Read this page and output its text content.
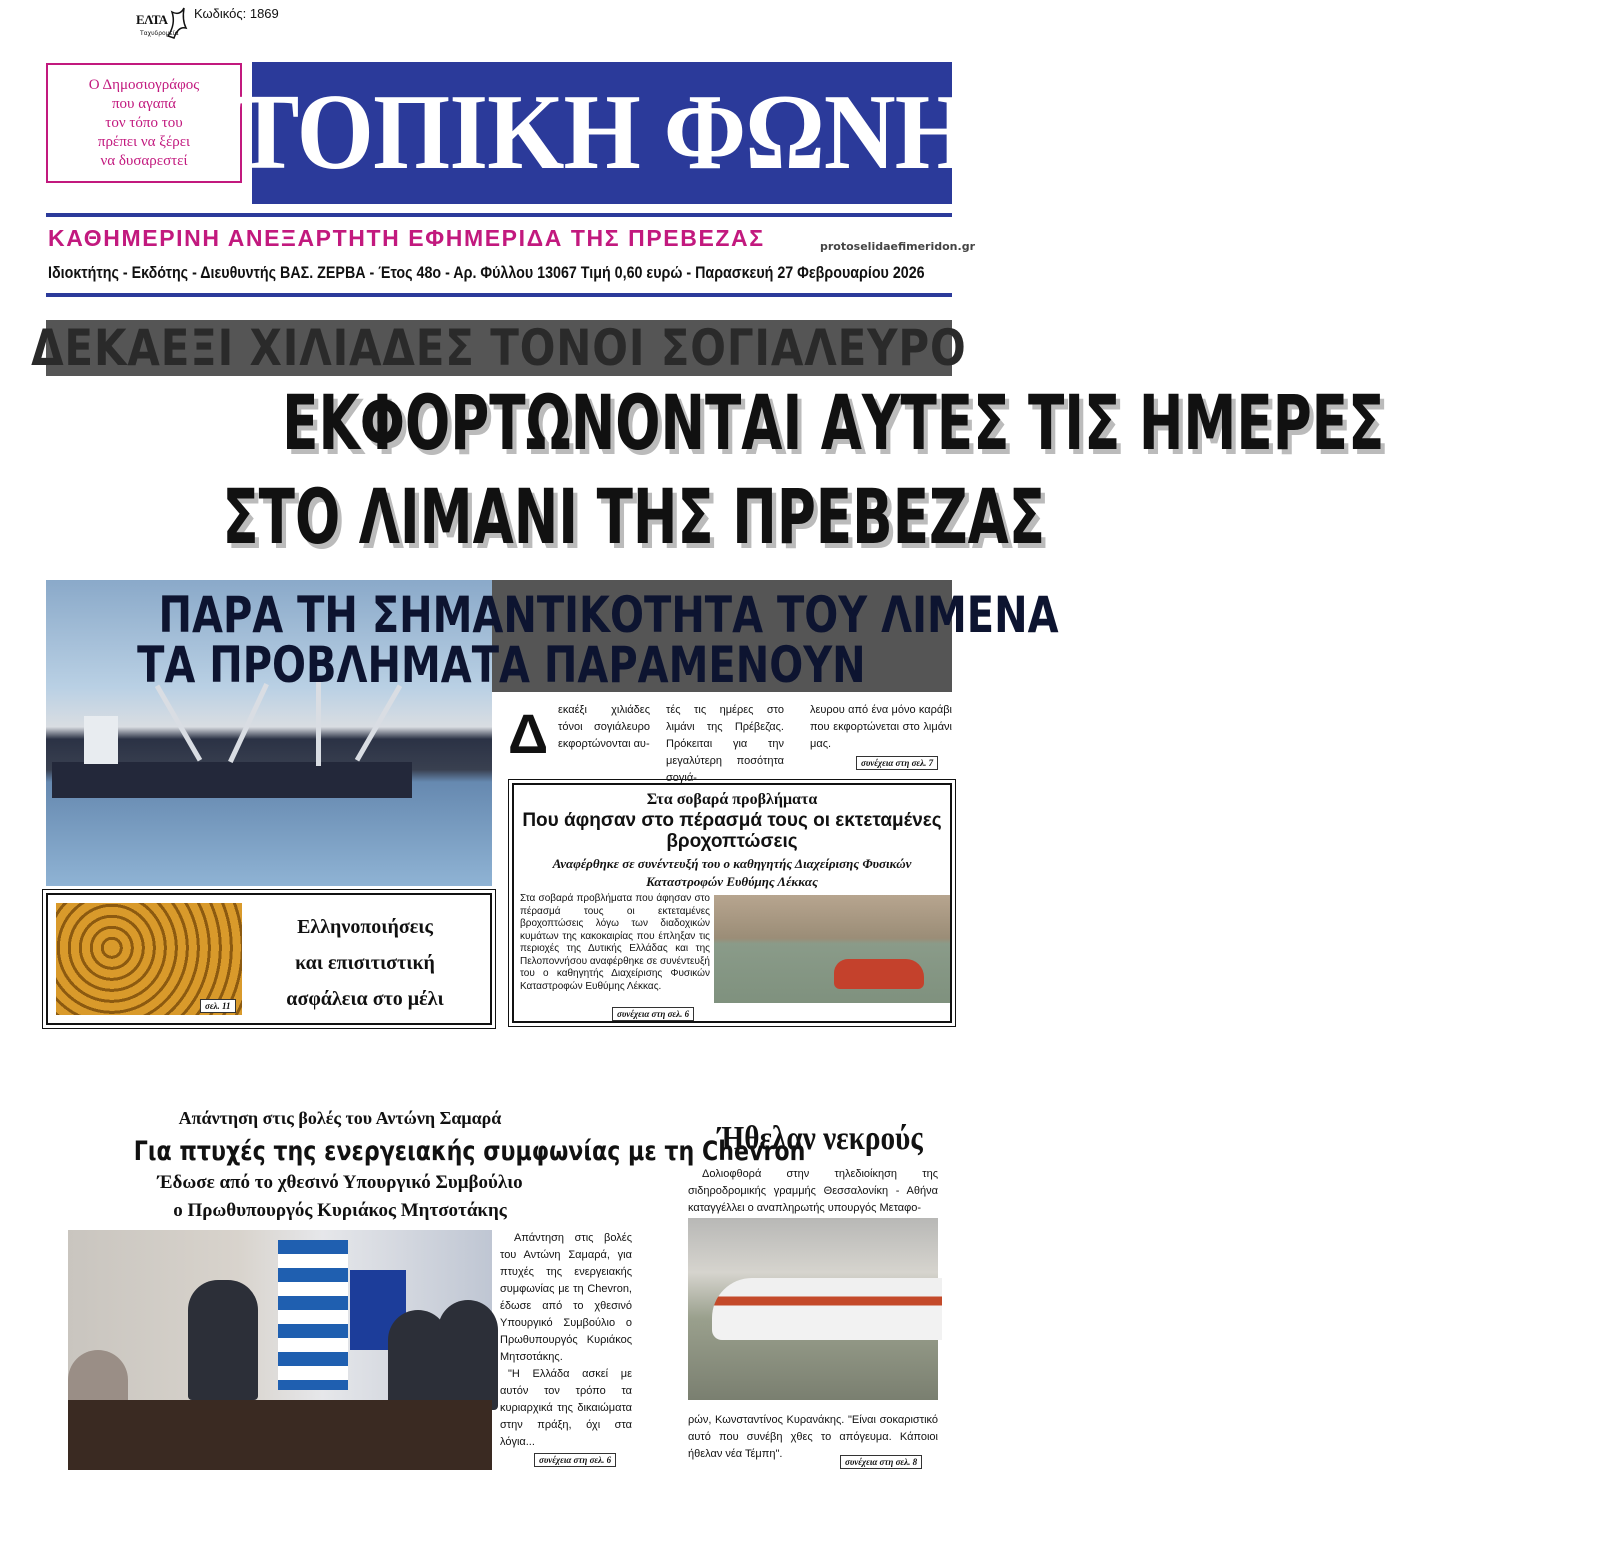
ΕΛΤΑ
Ταχυδρομεία
Κωδικός: 1869
Ο Δημοσιογράφος
που αγαπά
τον τόπο του
πρέπει να ξέρει
να δυσαρεστεί ΤΟΠΙΚΗ ΦΩΝΗ
ΚΑΘΗΜΕΡΙΝΗ ΑΝΕΞΑΡΤΗΤΗ ΕΦΗΜΕΡΙΔΑ ΤΗΣ ΠΡΕΒΕΖΑΣ	protoselidaefimeridon.gr
Ιδιοκτήτης - Εκδότης - Διευθυντής ΒΑΣ. ΖΕΡΒΑ - Έτος 48ο - Αρ. Φύλλου 13067 Τιμή 0,60 ευρώ - Παρασκευή 27 Φεβρουαρίου 2026
ΔΕΚΑΕΞΙ ΧΙΛΙΑΔΕΣ ΤΟΝΟΙ ΣΟΓΙΑΛΕΥΡΟ
ΕΚΦΟΡΤΩΝΟΝΤΑΙ ΑΥΤΕΣ ΤΙΣ ΗΜΕΡΕΣ
ΣΤΟ ΛΙΜΑΝΙ ΤΗΣ ΠΡΕΒΕΖΑΣ
ΠΑΡΑ ΤΗ ΣΗΜΑΝΤΙΚΟΤΗΤΑ ΤΟΥ ΛΙΜΕΝΑ
ΤΑ ΠΡΟΒΛΗΜΑΤΑ ΠΑΡΑΜΕΝΟΥΝ
Δ εκαέξι χιλιάδες τόνοι σογιάλευρο εκφορτώνονται αυ-
τές τις ημέρες στο λιμάνι της Πρέβεζας. Πρόκειται για την μεγαλύτερη ποσότητα σογιά-
λευρου από ένα μόνο καράβι που εκφορτώνεται στο λιμάνι μας.
συνέχεια στη σελ. 7
Στα σοβαρά προβλήματα
Που άφησαν στο πέρασμά τους οι εκτεταμένες βροχοπτώσεις
Αναφέρθηκε σε συνέντευξή του ο καθηγητής Διαχείρισης Φυσικών Καταστροφών Ευθύμης Λέκκας
Στα σοβαρά προβλήματα που άφησαν στο πέρασμά τους οι εκτεταμένες βροχοπτώσεις λόγω των διαδοχικών κυμάτων της κακοκαιρίας που έπληξαν τις περιοχές της Δυτικής Ελλάδας και της Πελοποννήσου αναφέρθηκε σε συνέντευξή του ο καθηγητής Διαχείρισης Φυσικών Καταστροφών Ευθύμης Λέκκας.
συνέχεια στη σελ. 6
σελ. 11
Ελληνοποιήσεις
και επισιτιστική
ασφάλεια στο μέλι
Απάντηση στις βολές του Αντώνη Σαμαρά
Για πτυχές της ενεργειακής συμφωνίας με τη Chevron
Έδωσε από το χθεσινό Υπουργικό Συμβούλιο
ο Πρωθυπουργός Κυριάκος Μητσοτάκης
Απάντηση στις βολές του Αντώνη Σαμαρά, για πτυχές της ενεργειακής συμφωνίας με τη Chevron, έδωσε από το χθεσινό Υπουργικό Συμβούλιο ο Πρωθυπουργός Κυριάκος Μητσοτάκης.
"Η Ελλάδα ασκεί με αυτόν τον τρόπο τα κυριαρχικά της δικαιώματα στην πράξη, όχι στα λόγια...
συνέχεια στη σελ. 6
Ήθελαν νεκρούς
Δολιοφθορά στην τηλεδιοίκηση της σιδηροδρομικής γραμμής Θεσσαλονίκη - Αθήνα καταγγέλλει ο αναπληρωτής υπουργός Μεταφο-
ρών, Κωνσταντίνος Κυρανάκης. "Είναι σοκαριστικό αυτό που συνέβη χθες το απόγευμα. Κάποιοι ήθελαν νέα Τέμπη".
συνέχεια στη σελ. 8
